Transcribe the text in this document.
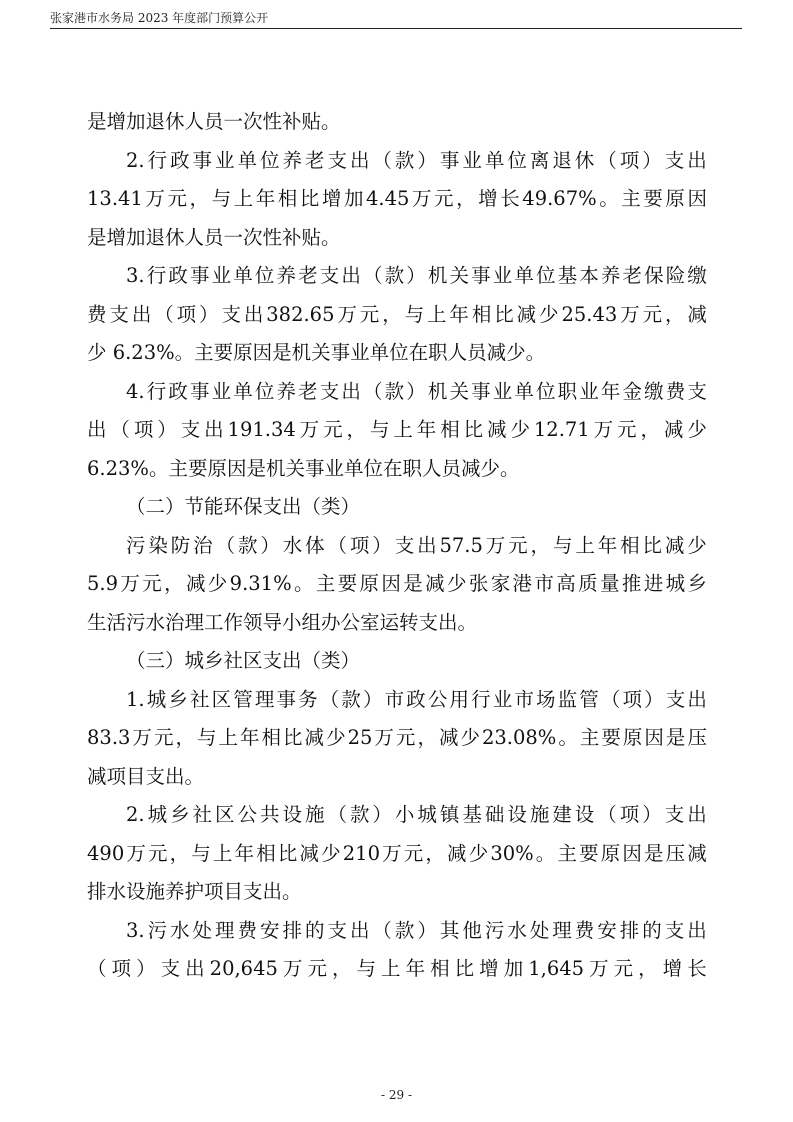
张家港市水务局 2023 年度部门预算公开
是增加退休人员一次性补贴。
2. 行 政 事 业 单 位 养 老 支 出 （ 款 ） 事 业 单 位 离 退 休 （ 项 ） 支 出
13.41 万 元 ， 与 上 年 相 比 增 加 4.45 万 元 ， 增 长 49.67% 。 主 要 原 因
是增加退休人员一次性补贴。
3. 行 政 事 业 单 位 养 老 支 出 （ 款 ） 机 关 事 业 单 位 基 本 养 老 保 险 缴
费 支 出 （ 项 ） 支 出 382.65 万 元 ， 与 上 年 相 比 减 少 25.43 万 元 ， 减
少 6.23%。主要原因是机关事业单位在职人员减少。
4. 行 政 事 业 单 位 养 老 支 出 （ 款 ） 机 关 事 业 单 位 职 业 年 金 缴 费 支
出 （ 项 ） 支 出 191.34 万 元 ， 与 上 年 相 比 减 少 12.71 万 元 ， 减 少
6.23%。主要原因是机关事业单位在职人员减少。
（二）节能环保支出（类）
污 染 防 治 （ 款 ） 水 体 （ 项 ） 支 出 57.5 万 元 ， 与 上 年 相 比 减 少
5.9 万 元 ， 减 少 9.31% 。 主 要 原 因 是 减 少 张 家 港 市 高 质 量 推 进 城 乡
生活污水治理工作领导小组办公室运转支出。
（三）城乡社区支出（类）
1. 城 乡 社 区 管 理 事 务 （ 款 ） 市 政 公 用 行 业 市 场 监 管 （ 项 ） 支 出
83.3 万 元 ， 与 上 年 相 比 减 少 25 万 元 ， 减 少 23.08% 。 主 要 原 因 是 压
减项目支出。
2. 城 乡 社 区 公 共 设 施 （ 款 ） 小 城 镇 基 础 设 施 建 设 （ 项 ） 支 出
490 万 元 ， 与 上 年 相 比 减 少 210 万 元 ， 减 少 30% 。 主 要 原 因 是 压 减
排水设施养护项目支出。
3. 污 水 处 理 费 安 排 的 支 出 （ 款 ） 其 他 污 水 处 理 费 安 排 的 支 出
（ 项 ） 支 出 20,645 万 元 ， 与 上 年 相 比 增 加 1,645 万 元 ， 增 长
- 29 -
